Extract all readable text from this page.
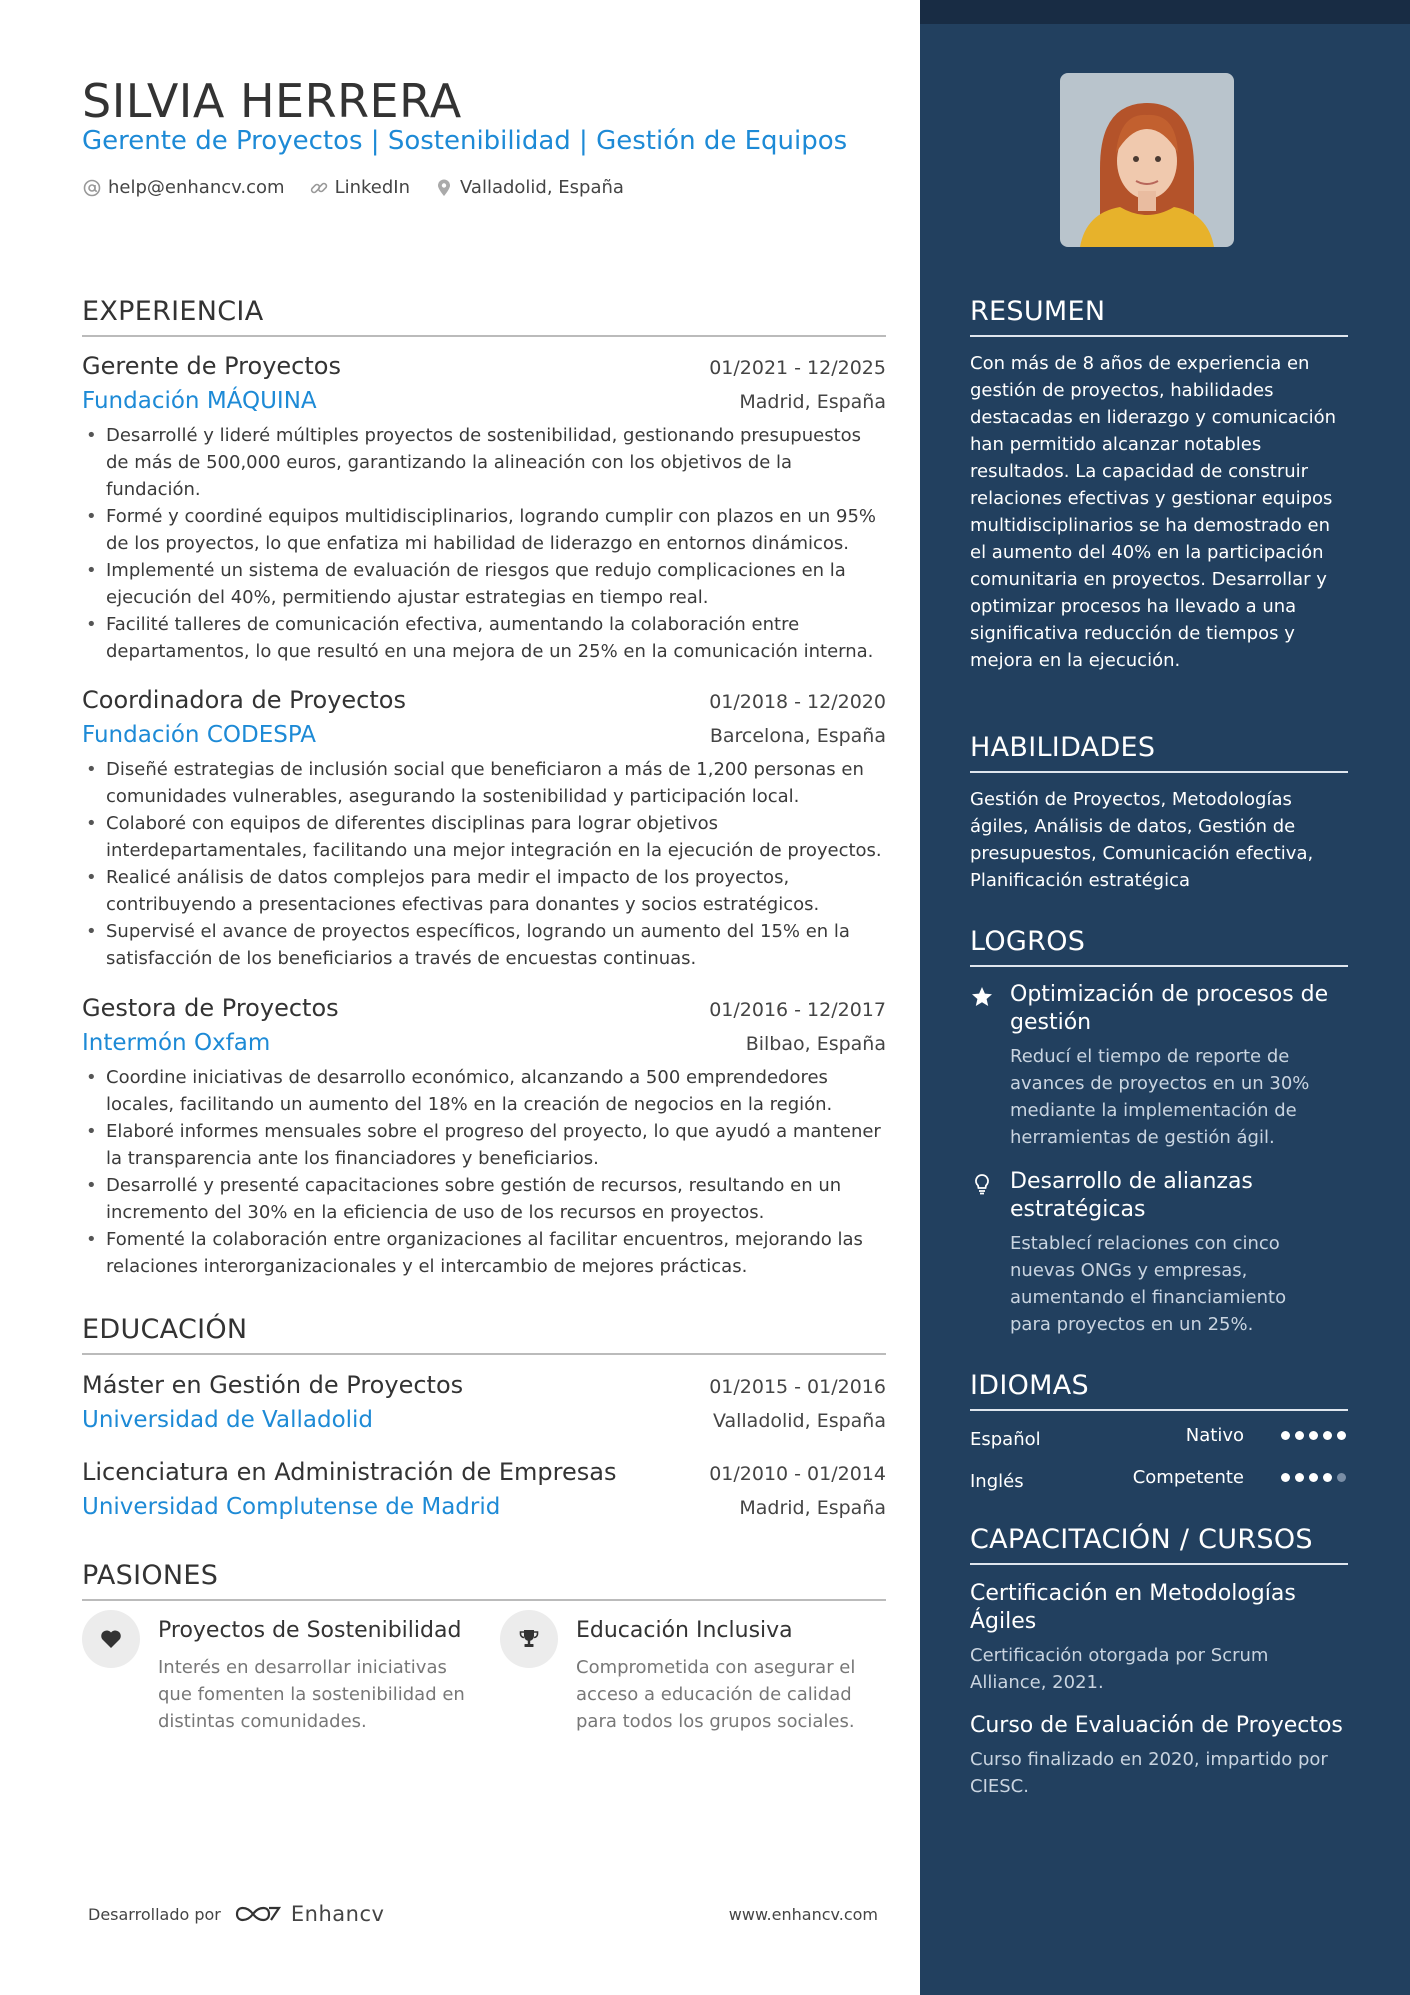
SILVIA HERRERA
Gerente de Proyectos | Sostenibilidad | Gestión de Equipos
help@enhancv.com	LinkedIn	Valladolid, España
EXPERIENCIA
Gerente de Proyectos	01/2021 - 12/2025
Fundación MÁQUINA	Madrid, España
• Desarrollé y lideré múltiples proyectos de sostenibilidad, gestionando presupuestos de más de 500,000 euros, garantizando la alineación con los objetivos de la fundación.
• Formé y coordiné equipos multidisciplinarios, logrando cumplir con plazos en un 95% de los proyectos, lo que enfatiza mi habilidad de liderazgo en entornos dinámicos.
• Implementé un sistema de evaluación de riesgos que redujo complicaciones en la ejecución del 40%, permitiendo ajustar estrategias en tiempo real.
• Facilité talleres de comunicación efectiva, aumentando la colaboración entre departamentos, lo que resultó en una mejora de un 25% en la comunicación interna.
Coordinadora de Proyectos	01/2018 - 12/2020
Fundación CODESPA	Barcelona, España
• Diseñé estrategias de inclusión social que beneficiaron a más de 1,200 personas en comunidades vulnerables, asegurando la sostenibilidad y participación local.
• Colaboré con equipos de diferentes disciplinas para lograr objetivos interdepartamentales, facilitando una mejor integración en la ejecución de proyectos.
• Realicé análisis de datos complejos para medir el impacto de los proyectos, contribuyendo a presentaciones efectivas para donantes y socios estratégicos.
• Supervisé el avance de proyectos específicos, logrando un aumento del 15% en la satisfacción de los beneficiarios a través de encuestas continuas.
Gestora de Proyectos	01/2016 - 12/2017
Intermón Oxfam	Bilbao, España
• Coordine iniciativas de desarrollo económico, alcanzando a 500 emprendedores locales, facilitando un aumento del 18% en la creación de negocios en la región.
• Elaboré informes mensuales sobre el progreso del proyecto, lo que ayudó a mantener la transparencia ante los financiadores y beneficiarios.
• Desarrollé y presenté capacitaciones sobre gestión de recursos, resultando en un incremento del 30% en la eficiencia de uso de los recursos en proyectos.
• Fomenté la colaboración entre organizaciones al facilitar encuentros, mejorando las relaciones interorganizacionales y el intercambio de mejores prácticas.
EDUCACIÓN
Máster en Gestión de Proyectos	01/2015 - 01/2016
Universidad de Valladolid	Valladolid, España
Licenciatura en Administración de Empresas	01/2010 - 01/2014
Universidad Complutense de Madrid	Madrid, España
PASIONES
Proyectos de Sostenibilidad
Interés en desarrollar iniciativas que fomenten la sostenibilidad en distintas comunidades.
Educación Inclusiva
Comprometida con asegurar el acceso a educación de calidad para todos los grupos sociales.
Desarrollado por	Enhancv	www.enhancv.com
RESUMEN
Con más de 8 años de experiencia en gestión de proyectos, habilidades destacadas en liderazgo y comunicación han permitido alcanzar notables resultados. La capacidad de construir relaciones efectivas y gestionar equipos multidisciplinarios se ha demostrado en el aumento del 40% en la participación comunitaria en proyectos. Desarrollar y optimizar procesos ha llevado a una significativa reducción de tiempos y mejora en la ejecución.
HABILIDADES
Gestión de Proyectos, Metodologías ágiles, Análisis de datos, Gestión de presupuestos, Comunicación efectiva, Planificación estratégica
LOGROS
Optimización de procesos de gestión
Reducí el tiempo de reporte de avances de proyectos en un 30% mediante la implementación de herramientas de gestión ágil.
Desarrollo de alianzas estratégicas
Establecí relaciones con cinco nuevas ONGs y empresas, aumentando el financiamiento para proyectos en un 25%.
IDIOMAS
Español	Nativo
Inglés	Competente
CAPACITACIÓN / CURSOS
Certificación en Metodologías Ágiles
Certificación otorgada por Scrum Alliance, 2021.
Curso de Evaluación de Proyectos
Curso finalizado en 2020, impartido por CIESC.
